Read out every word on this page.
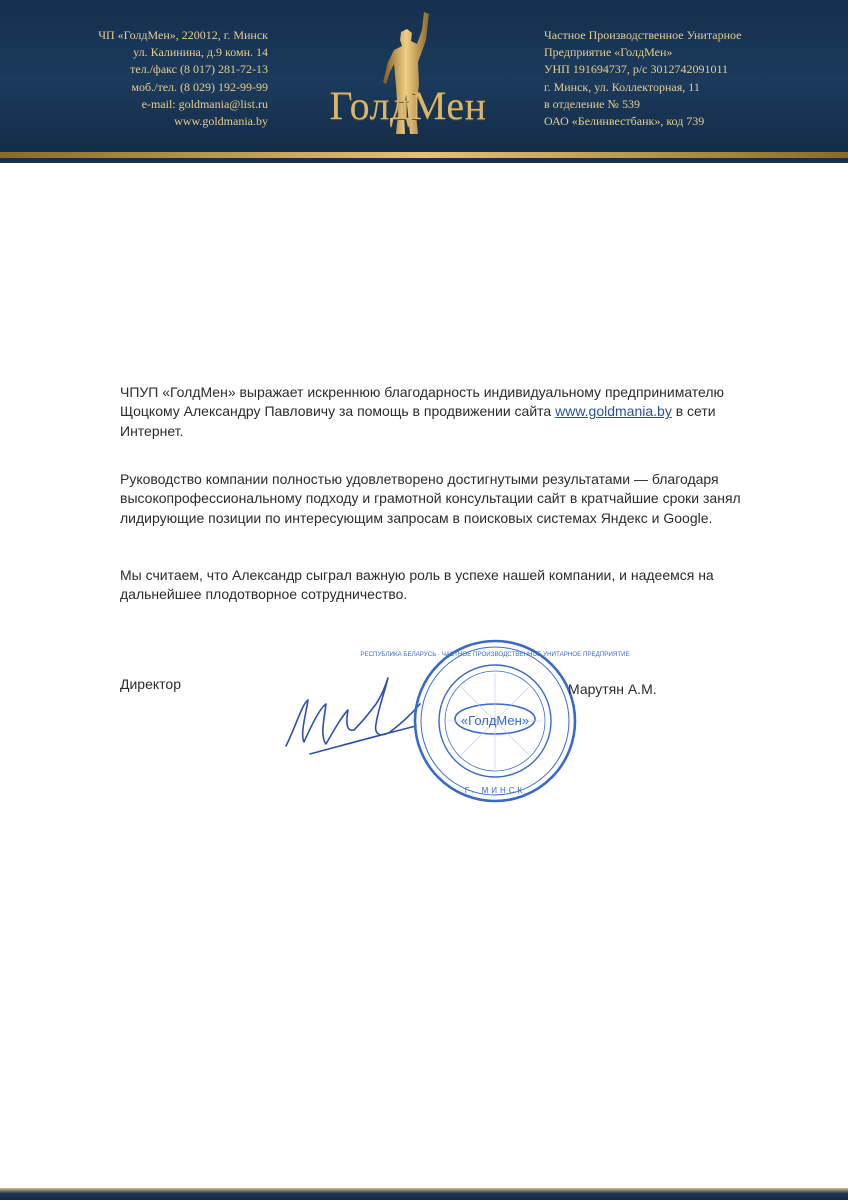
ЧП «ГолдМен», 220012, г. Минск
ул. Калинина, д.9 комн. 14
тел./факс (8 017) 281-72-13
моб./тел. (8 029) 192-99-99
e-mail: goldmania@list.ru
www.goldmania.by	ГолдМен
Частное Производственное Унитарное
Предприятие «ГолдМен»
УНП 191694737, р/с 3012742091011
г. Минск, ул. Коллекторная, 11
в отделение № 539
ОАО «Белинвестбанк», код 739
ЧПУП «ГолдМен» выражает искреннюю благодарность индивидуальному предпринимателю
Щоцкому Александру Павловичу за помощь в продвижении сайта www.goldmania.by в сети
Интернет.
Руководство компании полностью удовлетворено достигнутыми результатами — благодаря
высокопрофессиональному подходу и грамотной консультации сайт в кратчайшие сроки занял
лидирующие позиции по интересующим запросам в поисковых системах Яндекс и Google.
Мы считаем, что Александр сыграл важную роль в успехе нашей компании, и надеемся на
дальнейшее плодотворное сотрудничество.
Директор
«ГолдМен»
РЕСПУБЛИКА БЕЛАРУСЬ · ЧАСТНОЕ ПРОИЗВОДСТВЕННОЕ УНИТАРНОЕ ПРЕДПРИЯТИЕ
Г. МИНСК
Марутян А.М.
